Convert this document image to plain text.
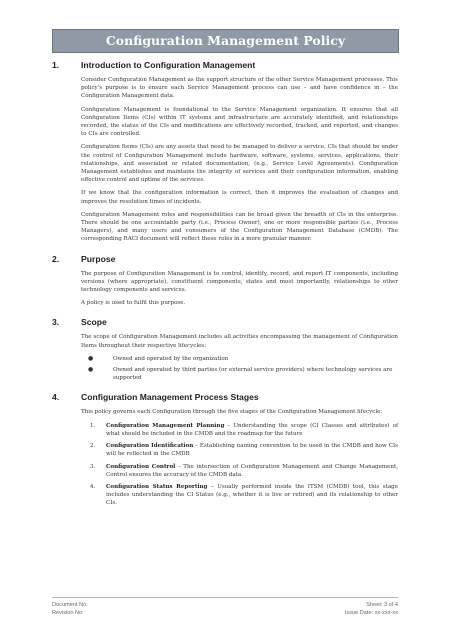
Configuration Management Policy
1.	Introduction to Configuration Management

Consider Configuration Management as the support structure of the other Service Management processes. This policy's purpose is to ensure each Service Management process can use – and have confidence in – the Configuration Management data.

Configuration Management is foundational to the Service Management organization. It ensures that all Configuration Items (CIs) within IT systems and infrastructure are accurately identified, and relationships recorded, the status of the CIs and modifications are effectively recorded, tracked, and reported, and changes to CIs are controlled.

Configuration Items (CIs) are any assets that need to be managed to deliver a service. CIs that should be under the control of Configuration Management include hardware, software, systems, services, applications, their relationships, and associated or related documentation, (e.g., Service Level Agreements). Configuration Management establishes and maintains the integrity of services and their configuration information, enabling effective control and uptime of the services.

If we know that the configuration information is correct, then it improves the evaluation of changes and improves the resolution times of incidents.

Configuration Management roles and responsibilities can be broad given the breadth of CIs in the enterprise. There should be one accountable party (i.e., Process Owner), one or more responsible parties (i.e., Process Managers), and many users and consumers of the Configuration Management Database (CMDB). The corresponding RACI document will reflect these roles in a more granular manner.

2.	Purpose

The purpose of Configuration Management is to control, identify, record, and report IT components, including versions (where appropriate), constituent components, states and most importantly, relationships to other technology components and services.

A policy is used to fulfil this purpose.

3.	Scope

The scope of Configuration Management includes all activities encompassing the management of Configuration Items throughout their respective lifecycles:

●	Owned and operated by the organization
●	Owned and operated by third parties (or external service providers) where technology services are supported
4.	Configuration Management Process Stages

This policy governs each Configuration through the five stages of the Configuration Management lifecycle:

1.	Configuration Management Planning – Understanding the scope (CI Classes and attributes) of what should be included in the CMDB and the roadmap for the future
2.	Configuration Identification – Establishing naming convention to be used in the CMDB and how CIs will be reflected in the CMDB
3.	Configuration Control – The intersection of Configuration Management and Change Management, Control ensures the accuracy of the CMDB data.
4.	Configuration Status Reporting – Usually performed inside the ITSM (CMDB) tool, this stage includes understanding the CI Status (e.g., whether it is live or retired) and its relationship to other CIs.
Document No:	Sheet: 3 of 4
Revision No:	Issue Date: xx-xxx-xx
